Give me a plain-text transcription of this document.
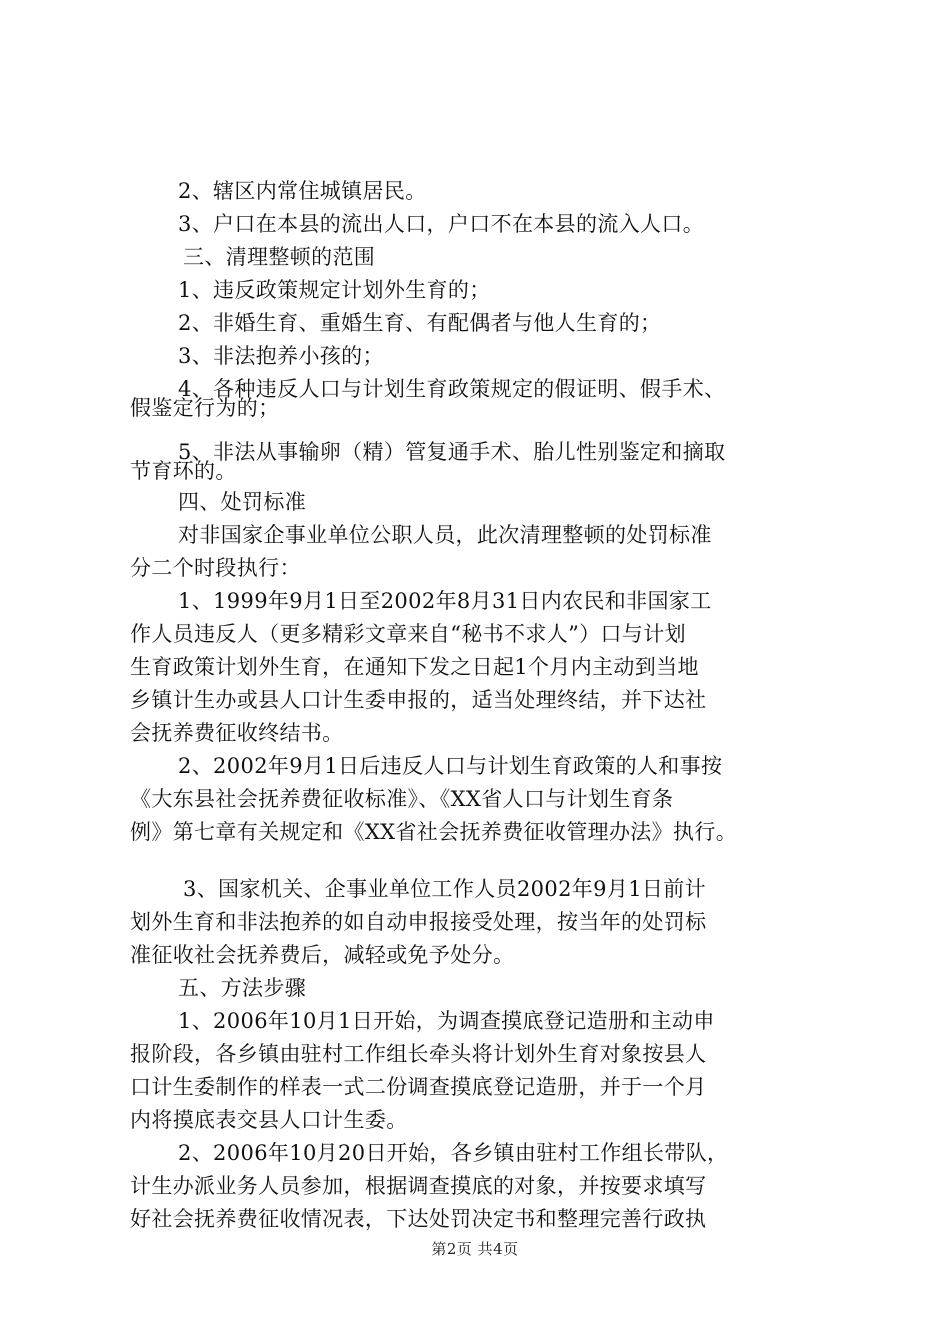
2、辖区内常住城镇居民。

3、户口在本县的流出人口，户口不在本县的流入人口。

三、清理整顿的范围

1、违反政策规定计划外生育的；

2、非婚生育、重婚生育、有配偶者与他人生育的；

3、非法抱养小孩的；

4、各种违反人口与计划生育政策规定的假证明、假手术、

假鉴定行为的；

5、非法从事输卵（精）管复通手术、胎儿性别鉴定和摘取

节育环的。

四、处罚标准

对非国家企事业单位公职人员，此次清理整顿的处罚标准

分二个时段执行：

1、1999年9月1日至2002年8月31日内农民和非国家工

作人员违反人（更多精彩文章来自“秘书不求人”）口与计划

生育政策计划外生育，在通知下发之日起1个月内主动到当地

乡镇计生办或县人口计生委申报的，适当处理终结，并下达社

会抚养费征收终结书。

2、2002年9月1日后违反人口与计划生育政策的人和事按

《大东县社会抚养费征收标准》、《XX省人口与计划生育条

例》第七章有关规定和《XX省社会抚养费征收管理办法》执行。

3、国家机关、企事业单位工作人员2002年9月1日前计

划外生育和非法抱养的如自动申报接受处理，按当年的处罚标

准征收社会抚养费后，减轻或免予处分。

五、方法步骤

1、2006年10月1日开始，为调查摸底登记造册和主动申

报阶段，各乡镇由驻村工作组长牵头将计划外生育对象按县人

口计生委制作的样表一式二份调查摸底登记造册，并于一个月

内将摸底表交县人口计生委。

2、2006年10月20日开始，各乡镇由驻村工作组长带队，

计生办派业务人员参加，根据调查摸底的对象，并按要求填写

好社会抚养费征收情况表，下达处罚决定书和整理完善行政执

第2页 共4页
